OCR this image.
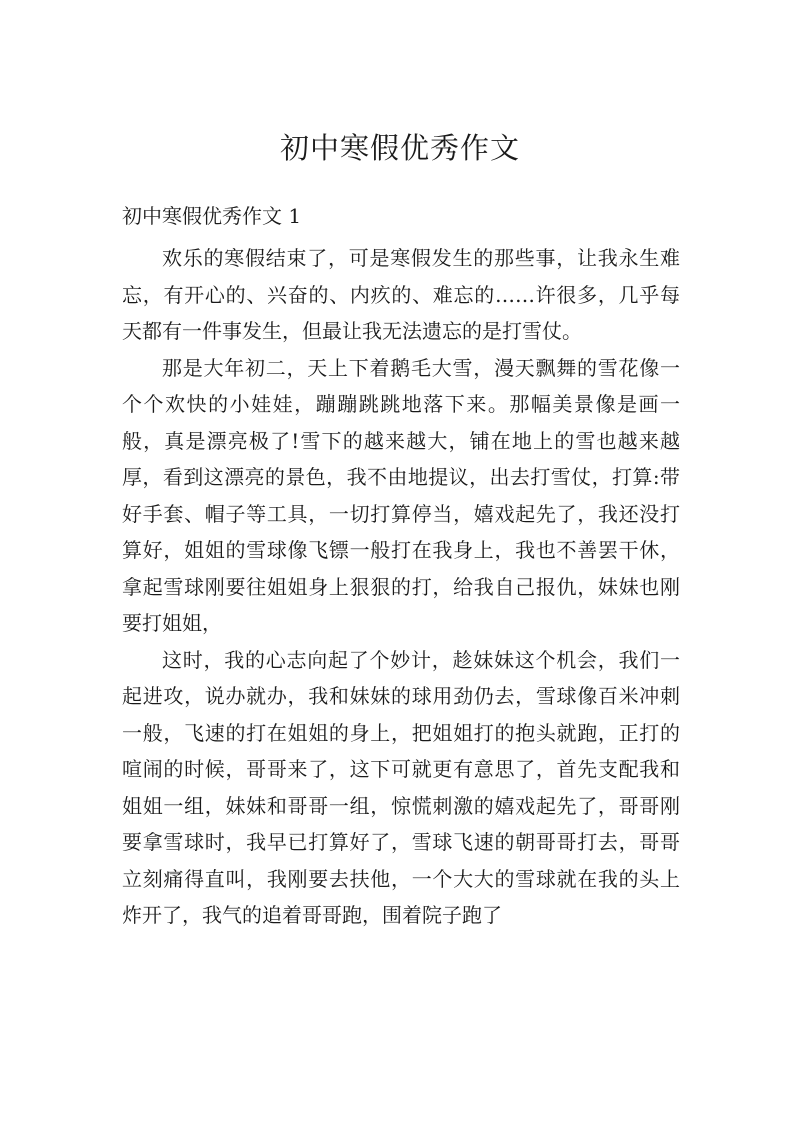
初中寒假优秀作文

初中寒假优秀作文 1

欢乐的寒假结束了，可是寒假发生的那些事，让我永生难忘，有开心的、兴奋的、内疚的、难忘的……许很多，几乎每天都有一件事发生，但最让我无法遗忘的是打雪仗。

那是大年初二，天上下着鹅毛大雪，漫天飘舞的雪花像一个个欢快的小娃娃，蹦蹦跳跳地落下来。那幅美景像是画一般，真是漂亮极了!雪下的越来越大，铺在地上的雪也越来越厚，看到这漂亮的景色，我不由地提议，出去打雪仗，打算:带好手套、帽子等工具，一切打算停当，嬉戏起先了，我还没打算好，姐姐的雪球像飞镖一般打在我身上，我也不善罢干休，拿起雪球刚要往姐姐身上狠狠的打，给我自己报仇，妹妹也刚要打姐姐，

这时，我的心志向起了个妙计，趁妹妹这个机会，我们一起进攻，说办就办，我和妹妹的球用劲仍去，雪球像百米冲刺一般，飞速的打在姐姐的身上，把姐姐打的抱头就跑，正打的喧闹的时候，哥哥来了，这下可就更有意思了，首先支配我和姐姐一组，妹妹和哥哥一组，惊慌刺激的嬉戏起先了，哥哥刚要拿雪球时，我早已打算好了，雪球飞速的朝哥哥打去，哥哥立刻痛得直叫，我刚要去扶他，一个大大的雪球就在我的头上炸开了，我气的追着哥哥跑，围着院子跑了
